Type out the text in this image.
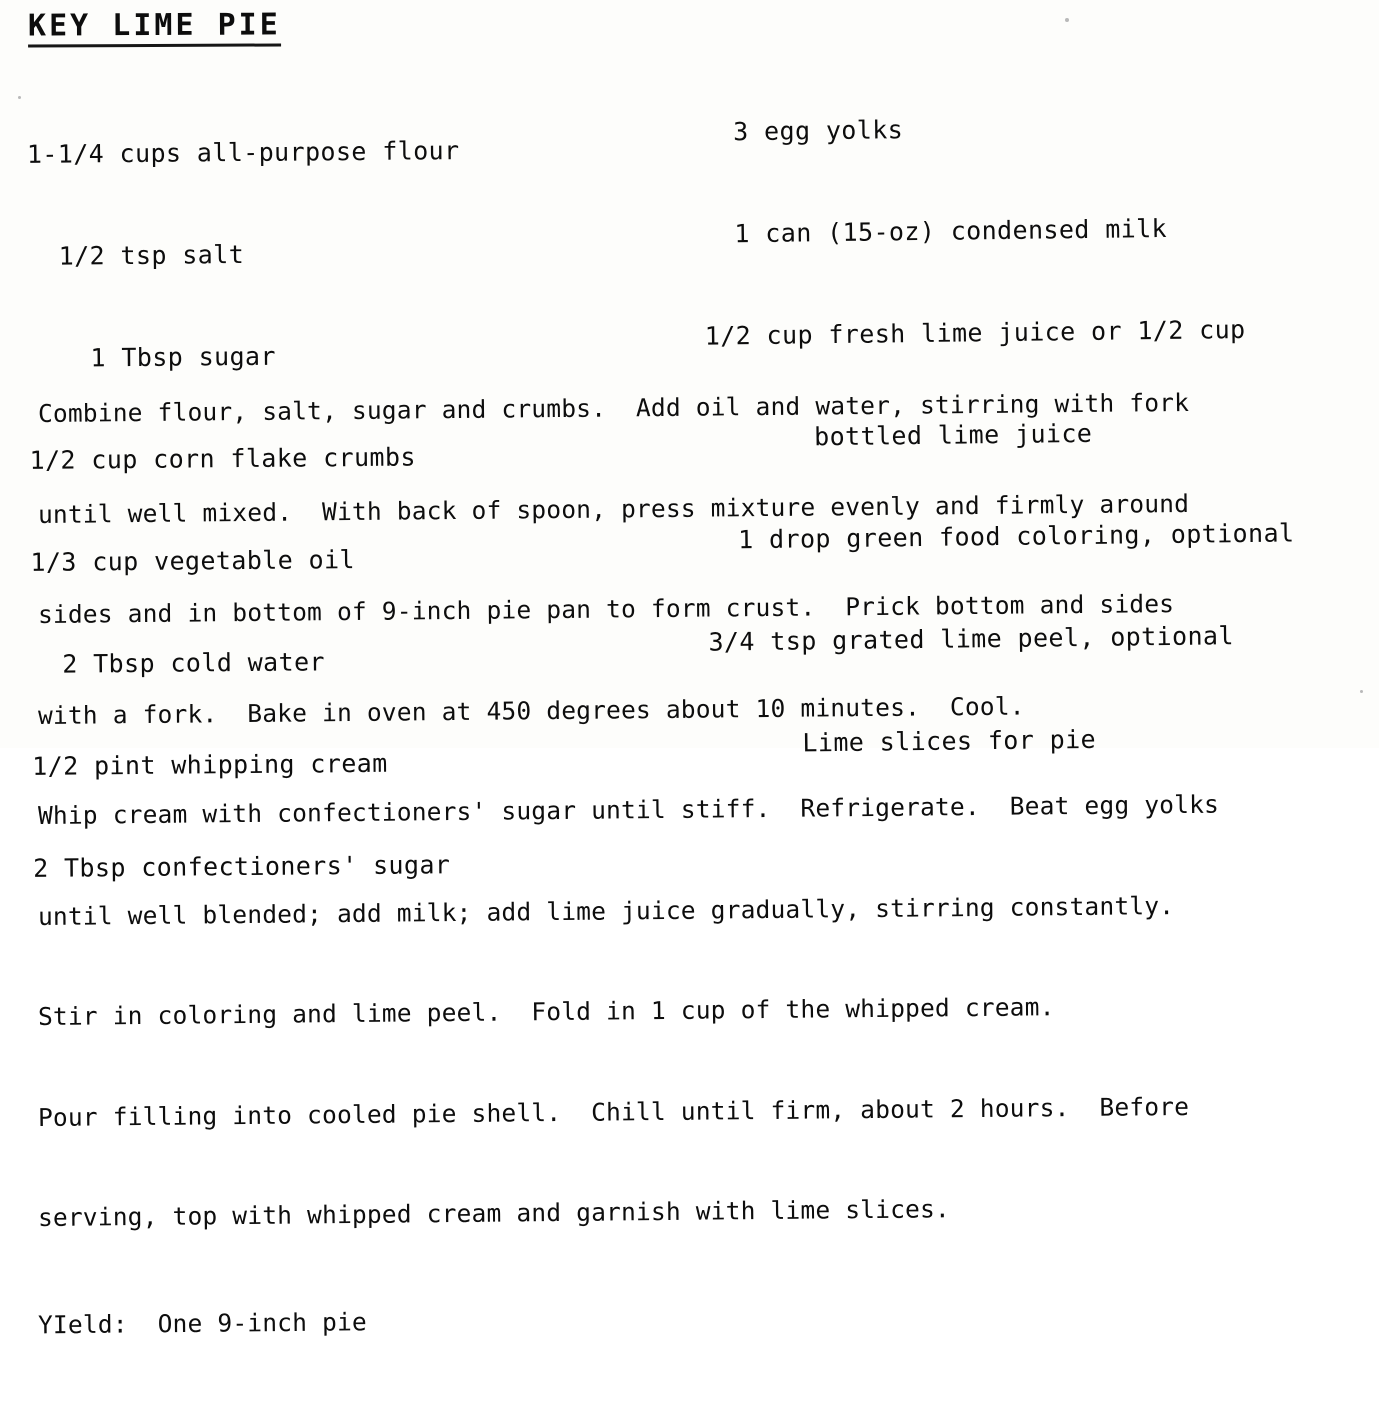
KEY LIME PIE

1-1/4 cups all-purpose flour

1/2 tsp salt

1 Tbsp sugar

1/2 cup corn flake crumbs

1/3 cup vegetable oil

2 Tbsp cold water

1/2 pint whipping cream

2 Tbsp confectioners' sugar

3 egg yolks

1 can (15-oz) condensed milk

1/2 cup fresh lime juice or 1/2 cup

bottled lime juice

1 drop green food coloring, optional

3/4 tsp grated lime peel, optional

Lime slices for pie

Combine flour, salt, sugar and crumbs.  Add oil and water, stirring with fork

until well mixed.  With back of spoon, press mixture evenly and firmly around

sides and in bottom of 9-inch pie pan to form crust.  Prick bottom and sides

with a fork.  Bake in oven at 450 degrees about 10 minutes.  Cool.

Whip cream with confectioners' sugar until stiff.  Refrigerate.  Beat egg yolks

until well blended; add milk; add lime juice gradually, stirring constantly.

Stir in coloring and lime peel.  Fold in 1 cup of the whipped cream.

Pour filling into cooled pie shell.  Chill until firm, about 2 hours.  Before

serving, top with whipped cream and garnish with lime slices.

YIeld:  One 9-inch pie
